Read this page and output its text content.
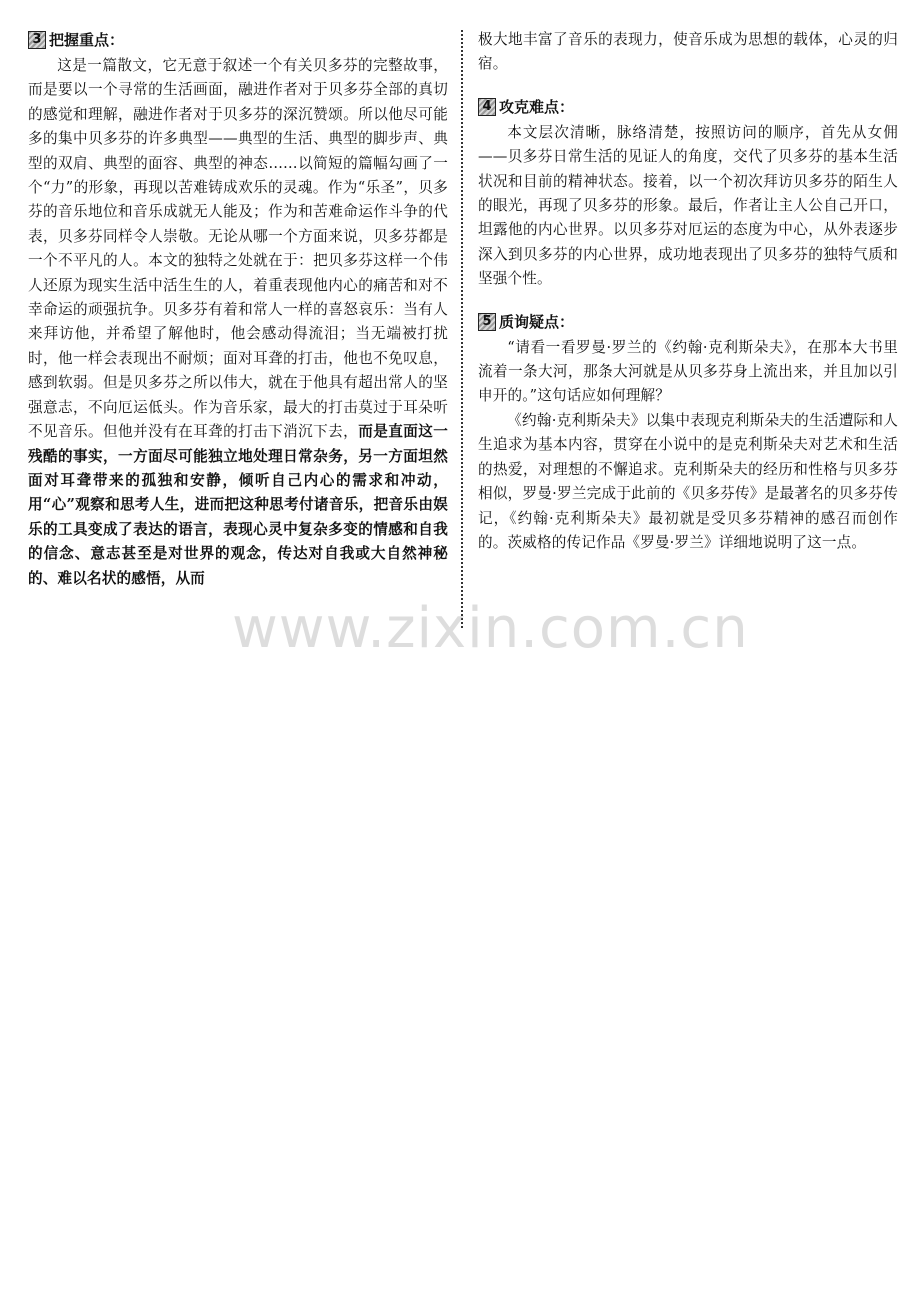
3 把握重点：

这是一篇散文，它无意于叙述一个有关贝多芬的完整故事，而是要以一个寻常的生活画面，融进作者对于贝多芬全部的真切的感觉和理解，融进作者对于贝多芬的深沉赞颂。所以他尽可能多的集中贝多芬的许多典型——典型的生活、典型的脚步声、典型的双肩、典型的面容、典型的神态……以简短的篇幅勾画了一个“力”的形象，再现以苦难铸成欢乐的灵魂。作为“乐圣”，贝多芬的音乐地位和音乐成就无人能及；作为和苦难命运作斗争的代表，贝多芬同样令人崇敬。无论从哪一个方面来说，贝多芬都是一个不平凡的人。本文的独特之处就在于：把贝多芬这样一个伟人还原为现实生活中活生生的人，着重表现他内心的痛苦和对不幸命运的顽强抗争。贝多芬有着和常人一样的喜怒哀乐：当有人来拜访他，并希望了解他时，他会感动得流泪；当无端被打扰时，他一样会表现出不耐烦；面对耳聋的打击，他也不免叹息，感到软弱。但是贝多芬之所以伟大，就在于他具有超出常人的坚强意志，不向厄运低头。作为音乐家，最大的打击莫过于耳朵听不见音乐。但他并没有在耳聋的打击下消沉下去，而是直面这一残酷的事实，一方面尽可能独立地处理日常杂务，另一方面坦然面对耳聋带来的孤独和安静，倾听自己内心的需求和冲动，用“心”观察和思考人生，进而把这种思考付诸音乐，把音乐由娱乐的工具变成了表达的语言，表现心灵中复杂多变的情感和自我的信念、意志甚至是对世界的观念，传达对自我或大自然神秘的、难以名状的感悟，从而

极大地丰富了音乐的表现力，使音乐成为思想的载体，心灵的归宿。

4 攻克难点：

本文层次清晰，脉络清楚，按照访问的顺序，首先从女佣——贝多芬日常生活的见证人的角度，交代了贝多芬的基本生活状况和目前的精神状态。接着，以一个初次拜访贝多芬的陌生人的眼光，再现了贝多芬的形象。最后，作者让主人公自己开口，坦露他的内心世界。以贝多芬对厄运的态度为中心，从外表逐步深入到贝多芬的内心世界，成功地表现出了贝多芬的独特气质和坚强个性。

5 质询疑点：

“请看一看罗曼·罗兰的《约翰·克利斯朵夫》，在那本大书里流着一条大河，那条大河就是从贝多芬身上流出来，并且加以引申开的。”这句话应如何理解？

《约翰·克利斯朵夫》以集中表现克利斯朵夫的生活遭际和人生追求为基本内容，贯穿在小说中的是克利斯朵夫对艺术和生活的热爱，对理想的不懈追求。克利斯朵夫的经历和性格与贝多芬相似，罗曼·罗兰完成于此前的《贝多芬传》是最著名的贝多芬传记，《约翰·克利斯朵夫》最初就是受贝多芬精神的感召而创作的。茨威格的传记作品《罗曼·罗兰》详细地说明了这一点。

www.zixin.com.cn
